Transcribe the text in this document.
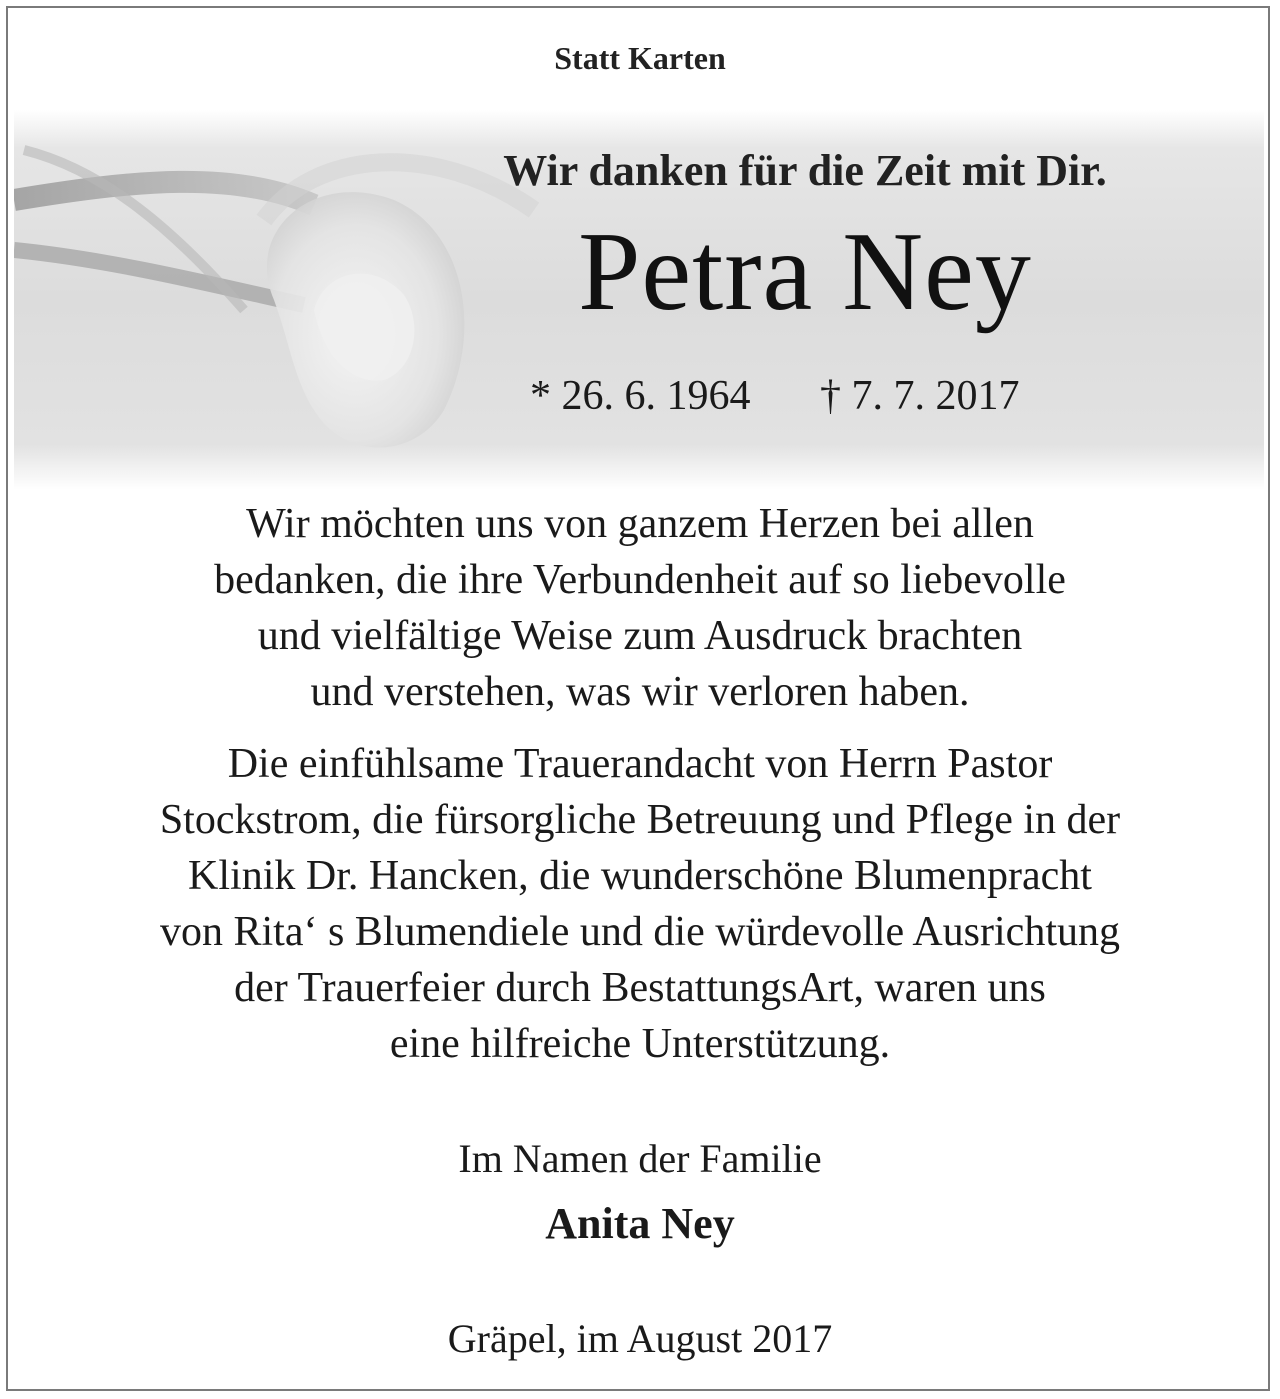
Statt Karten
Wir danken für die Zeit mit Dir.
Petra Ney
* 26. 6. 1964 † 7. 7. 2017
Wir möchten uns von ganzem Herzen bei allen
bedanken, die ihre Verbundenheit auf so liebevolle
und vielfältige Weise zum Ausdruck brachten
und verstehen, was wir verloren haben.
Die einfühlsame Trauerandacht von Herrn Pastor
Stockstrom, die fürsorgliche Betreuung und Pflege in der
Klinik Dr. Hancken, die wunderschöne Blumenpracht
von Rita‘ s Blumendiele und die würdevolle Ausrichtung
der Trauerfeier durch BestattungsArt, waren uns
eine hilfreiche Unterstützung.
Im Namen der Familie
Anita Ney
Gräpel, im August 2017
